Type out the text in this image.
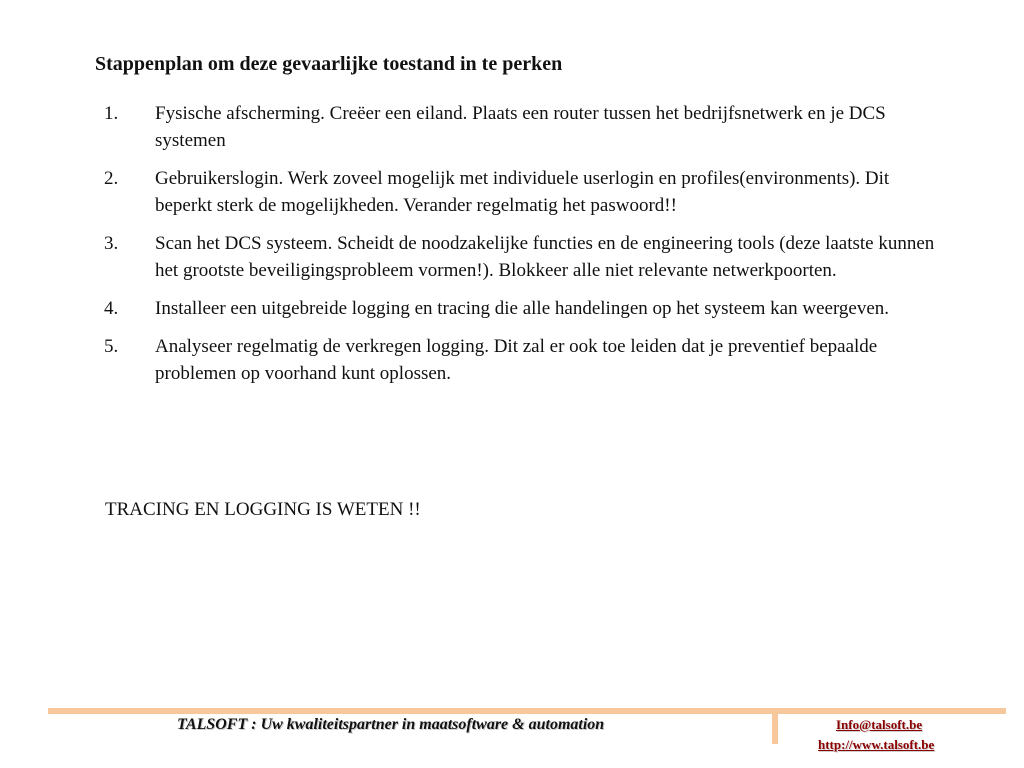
Stappenplan om deze gevaarlijke toestand in te perken
1. Fysische afscherming. Creëer een eiland. Plaats een router tussen het bedrijfsnetwerk en je DCS systemen
2. Gebruikerslogin. Werk zoveel mogelijk met individuele userlogin en profiles(environments). Dit beperkt sterk de mogelijkheden. Verander regelmatig het paswoord!!
3. Scan het DCS systeem. Scheidt de noodzakelijke functies en de engineering tools (deze laatste kunnen het grootste beveiligingsprobleem vormen!). Blokkeer alle niet relevante netwerkpoorten.
4. Installeer een uitgebreide logging en tracing die alle handelingen op het systeem kan weergeven.
5. Analyseer regelmatig de verkregen logging. Dit zal er ook toe leiden dat je preventief bepaalde problemen op voorhand kunt oplossen.
TRACING EN LOGGING IS WETEN !!
TALSOFT : Uw kwaliteitspartner in maatsoftware & automation	Info@talsoft.be
http://www.talsoft.be
